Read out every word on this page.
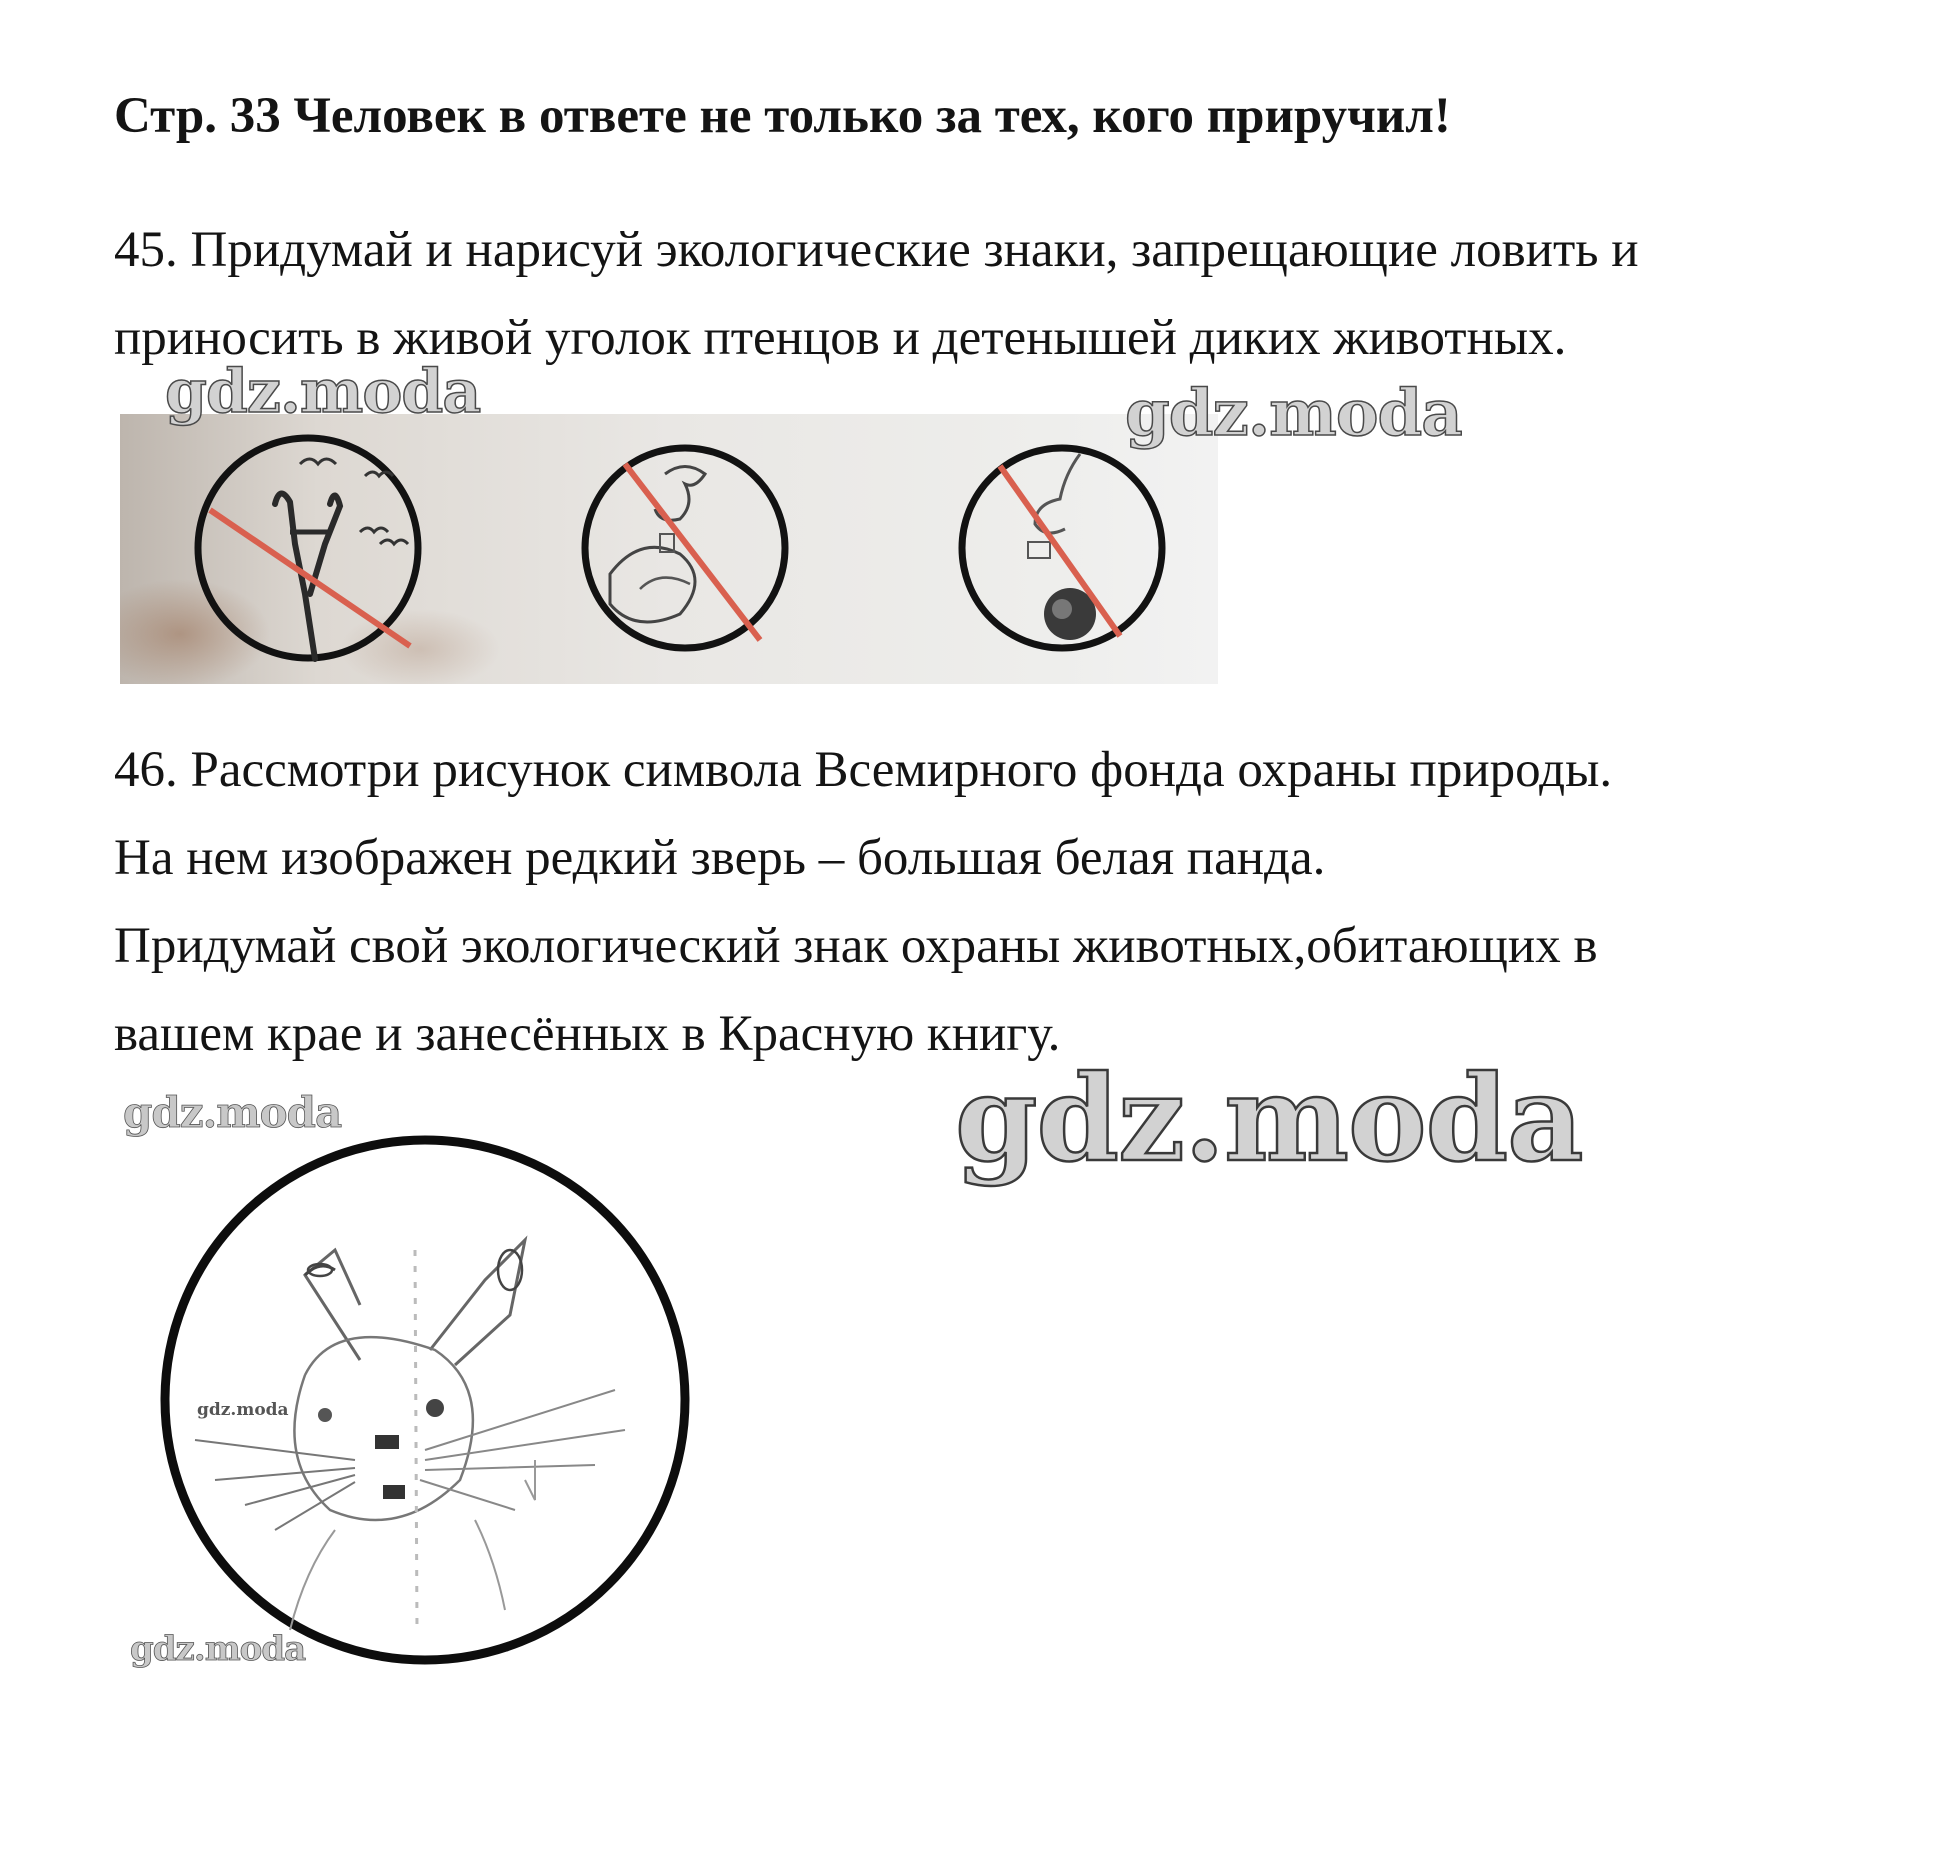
Стр. 33 Человек в ответе не только за тех, кого приручил!
45. Придумай и нарисуй экологические знаки, запрещающие ловить и
приносить в живой уголок птенцов и детенышей диких животных.
46. Рассмотри рисунок символа Всемирного фонда охраны природы.
На нем изображен редкий зверь – большая белая панда.
Придумай свой экологический знак охраны животных,обитающих в
вашем крае и занесённых в Красную книгу.
gdz.moda	gdz.moda
gdz.moda	gdz.moda
gdz.moda
gdz.moda
